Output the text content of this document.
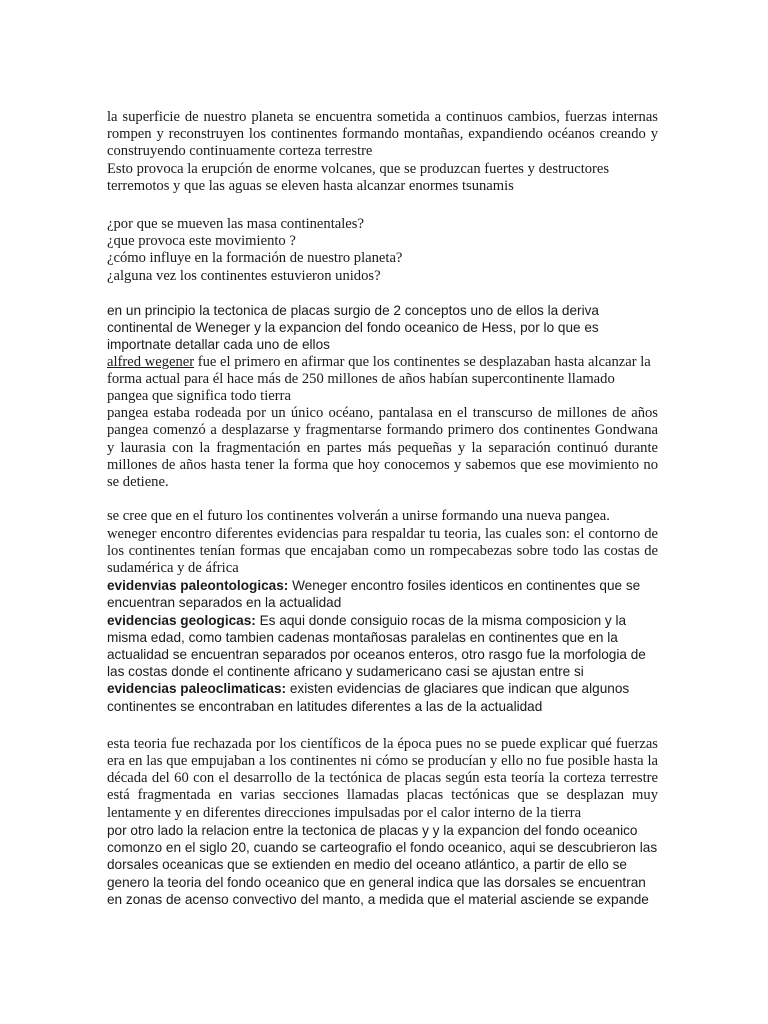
la superficie de nuestro planeta se encuentra sometida a continuos cambios, fuerzas internas rompen y reconstruyen los continentes formando montañas, expandiendo océanos creando y construyendo continuamente corteza terrestre

Esto provoca la erupción de enorme volcanes, que se produzcan fuertes y destructores terremotos y que las aguas se eleven hasta alcanzar enormes tsunamis

¿por que se mueven las masa continentales?

¿que provoca este movimiento ?

¿cómo influye en la formación de nuestro planeta?

¿alguna vez los continentes estuvieron unidos?

en un principio la tectonica de placas surgio de 2 conceptos uno de ellos la deriva continental de Weneger y la expancion del fondo oceanico de Hess, por lo que es importnate detallar cada uno de ellos

alfred wegener fue el primero en afirmar que los continentes se desplazaban hasta alcanzar la forma actual para él hace más de 250 millones de años habían supercontinente llamado pangea que significa todo tierra

pangea estaba rodeada por un único océano, pantalasa en el transcurso de millones de años pangea comenzó a desplazarse y fragmentarse formando primero dos continentes Gondwana y laurasia con la fragmentación en partes más pequeñas y la separación continuó durante millones de años hasta tener la forma que hoy conocemos y sabemos que ese movimiento no se detiene.

se cree que en el futuro los continentes volverán a unirse formando una nueva pangea.

weneger encontro diferentes evidencias para respaldar tu teoria, las cuales son: el contorno de los continentes tenían formas que encajaban como un rompecabezas sobre todo las costas de sudamérica y de áfrica

evidenvias paleontologicas: Weneger encontro fosiles identicos en continentes que se encuentran separados en la actualidad

evidencias geologicas: Es aqui donde consiguio rocas de la misma composicion y la misma edad, como tambien cadenas montañosas paralelas en continentes que en la actualidad se encuentran separados por oceanos enteros, otro rasgo fue la morfologia de las costas donde el continente africano y sudamericano casi se ajustan entre si

evidencias paleoclimaticas: existen evidencias de glaciares que indican que algunos continentes se encontraban en latitudes diferentes a las de la actualidad

esta teoria fue rechazada por los científicos de la época pues no se puede explicar qué fuerzas era en las que empujaban a los continentes ni cómo se producían y ello no fue posible hasta la década del 60 con el desarrollo de la tectónica de placas según esta teoría la corteza terrestre está fragmentada en varias secciones llamadas placas tectónicas que se desplazan muy lentamente y en diferentes direcciones impulsadas por el calor interno de la tierra

por otro lado la relacion entre la tectonica de placas y y la expancion del fondo oceanico comonzo en el siglo 20, cuando se carteografio el fondo oceanico, aqui se descubrieron las dorsales oceanicas que se extienden en medio del oceano atlántico, a partir de ello se genero la teoria del fondo oceanico que en general indica que las dorsales se encuentran en zonas de acenso convectivo del manto, a medida que el material asciende se expande
